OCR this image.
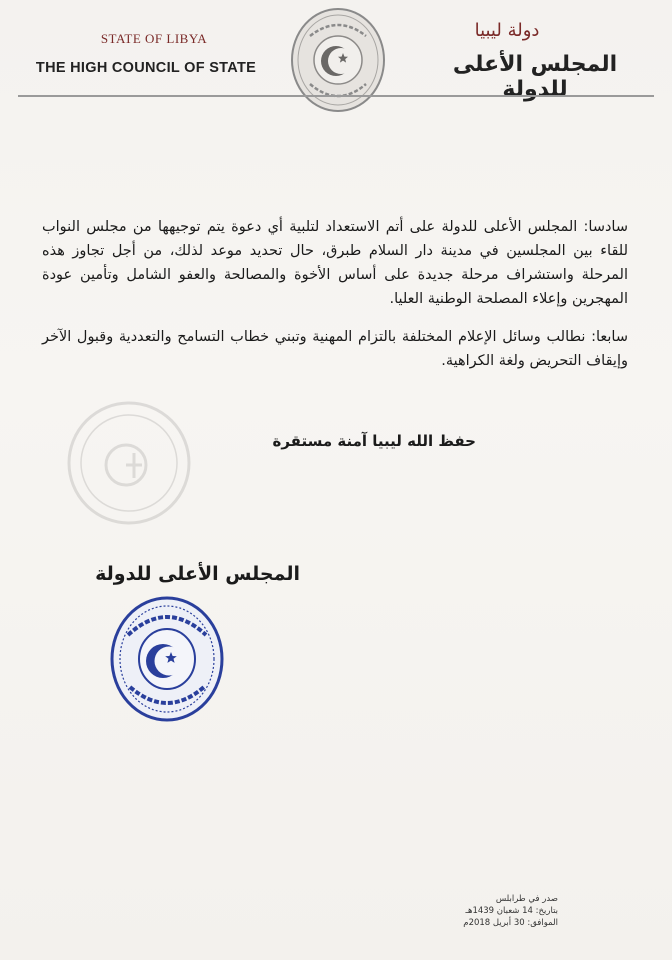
STATE OF LIBYA
THE HIGH COUNCIL OF STATE
دولة ليبيا
المجلس الأعلى للدولة

سادسا: المجلس الأعلى للدولة على أتم الاستعداد لتلبية أي دعوة يتم توجيهها من مجلس النواب للقاء بين المجلسين في مدينة دار السلام طبرق، حال تحديد موعد لذلك، من أجل تجاوز هذه المرحلة واستشراف مرحلة جديدة على أساس الأخوة والمصالحة والعفو الشامل وتأمين عودة المهجرين وإعلاء المصلحة الوطنية العليا.

سابعا: نطالب وسائل الإعلام المختلفة بالتزام المهنية وتبني خطاب التسامح والتعددية وقبول الآخر وإيقاف التحريض ولغة الكراهية.

حفظ الله ليبيا آمنة مستقرة
المجلس الأعلى للدولة
صدر في طرابلس
بتاريخ: 14 شعبان 1439هـ
الموافق: 30 أبريل 2018م
